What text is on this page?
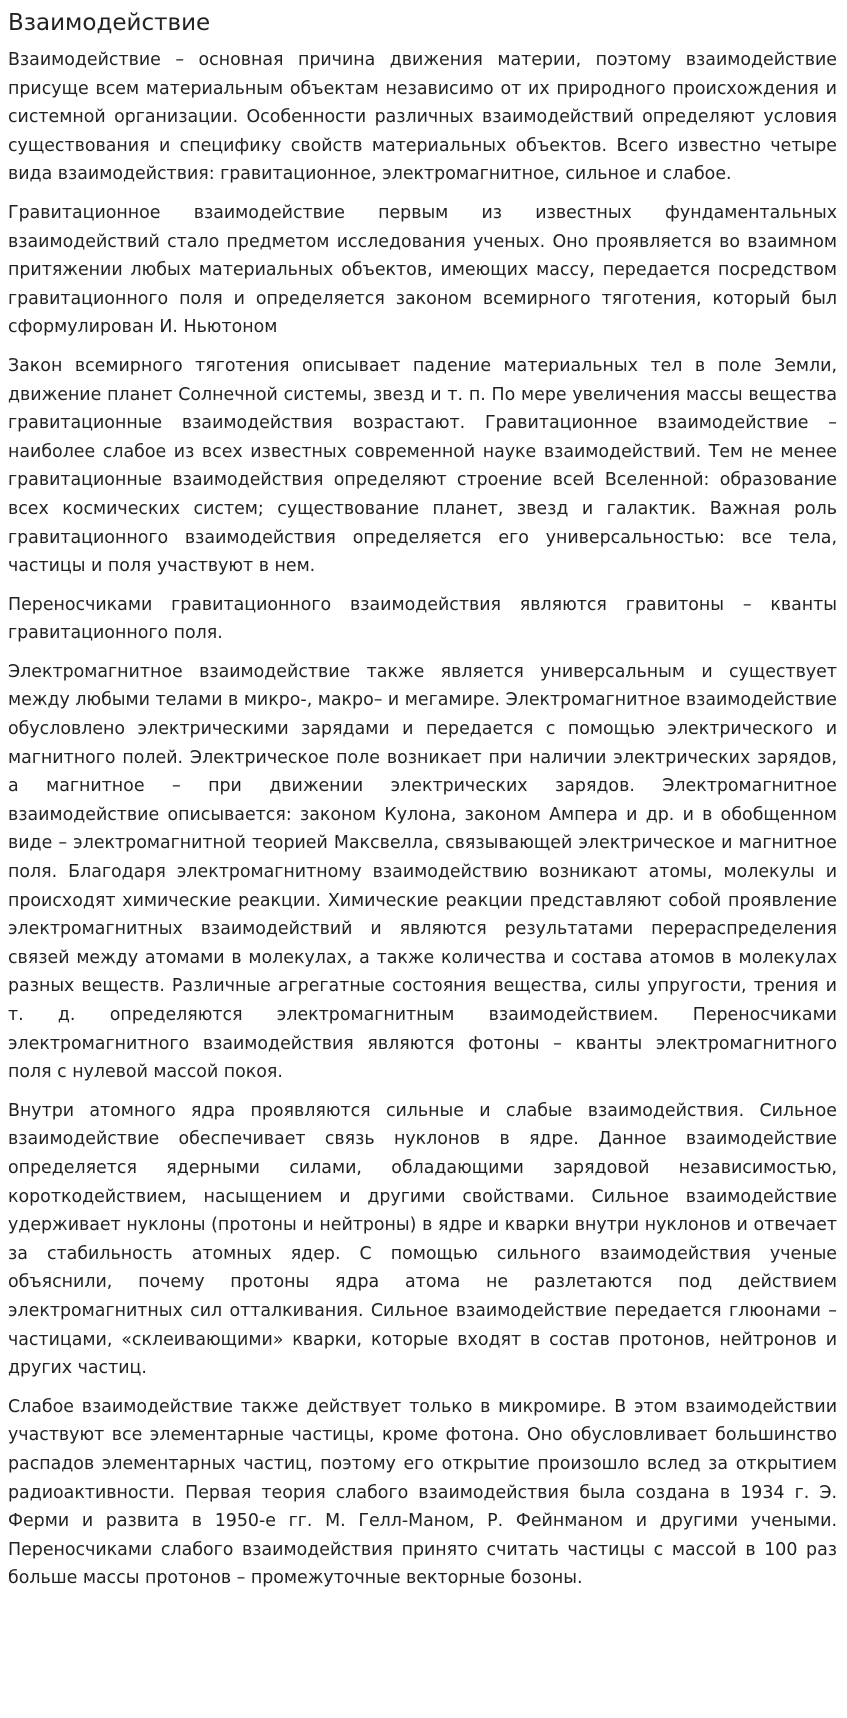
Взаимодействие

Взаимодействие – основная причина движения материи, поэтому взаимодействие присуще всем материальным объектам независимо от их природного происхождения и системной организации. Особенности различных взаимодействий определяют условия существования и специфику свойств материальных объектов. Всего известно четыре вида взаимодействия: гравитационное, электромагнитное, сильное и слабое.

Гравитационное взаимодействие первым из известных фундаментальных взаимодействий стало предметом исследования ученых. Оно проявляется во взаимном притяжении любых материальных объектов, имеющих массу, передается посредством гравитационного поля и определяется законом всемирного тяготения, который был сформулирован И. Ньютоном

Закон всемирного тяготения описывает падение материальных тел в поле Земли, движение планет Солнечной системы, звезд и т. п. По мере увеличения массы вещества гравитационные взаимодействия возрастают. Гравитационное взаимодействие – наиболее слабое из всех известных современной науке взаимодействий. Тем не менее гравитационные взаимодействия определяют строение всей Вселенной: образование всех космических систем; существование планет, звезд и галактик. Важная роль гравитационного взаимодействия определяется его универсальностью: все тела, частицы и поля участвуют в нем.

Переносчиками гравитационного взаимодействия являются гравитоны – кванты гравитационного поля.

Электромагнитное взаимодействие также является универсальным и существует между любыми телами в микро-, макро– и мегамире. Электромагнитное взаимодействие обусловлено электрическими зарядами и передается с помощью электрического и магнитного полей. Электрическое поле возникает при наличии электрических зарядов, а магнитное – при движении электрических зарядов. Электромагнитное взаимодействие описывается: законом Кулона, законом Ампера и др. и в обобщенном виде – электромагнитной теорией Максвелла, связывающей электрическое и магнитное поля. Благодаря электромагнитному взаимодействию возникают атомы, молекулы и происходят химические реакции. Химические реакции представляют собой проявление электромагнитных взаимодействий и являются результатами перераспределения связей между атомами в молекулах, а также количества и состава атомов в молекулах разных веществ. Различные агрегатные состояния вещества, силы упругости, трения и т. д. определяются электромагнитным взаимодействием. Переносчиками электромагнитного взаимодействия являются фотоны – кванты электромагнитного поля с нулевой массой покоя.

Внутри атомного ядра проявляются сильные и слабые взаимодействия. Сильное взаимодействие обеспечивает связь нуклонов в ядре. Данное взаимодействие определяется ядерными силами, обладающими зарядовой независимостью, короткодействием, насыщением и другими свойствами. Сильное взаимодействие удерживает нуклоны (протоны и нейтроны) в ядре и кварки внутри нуклонов и отвечает за стабильность атомных ядер. С помощью сильного взаимодействия ученые объяснили, почему протоны ядра атома не разлетаются под действием электромагнитных сил отталкивания. Сильное взаимодействие передается глюонами – частицами, «склеивающими» кварки, которые входят в состав протонов, нейтронов и других частиц.

Слабое взаимодействие также действует только в микромире. В этом взаимодействии участвуют все элементарные частицы, кроме фотона. Оно обусловливает большинство распадов элементарных частиц, поэтому его открытие произошло вслед за открытием радиоактивности. Первая теория слабого взаимодействия была создана в 1934 г. Э. Ферми и развита в 1950-е гг. М. Гелл-Маном, Р. Фейнманом и другими учеными. Переносчиками слабого взаимодействия принято считать частицы с массой в 100 раз больше массы протонов – промежуточные векторные бозоны.
